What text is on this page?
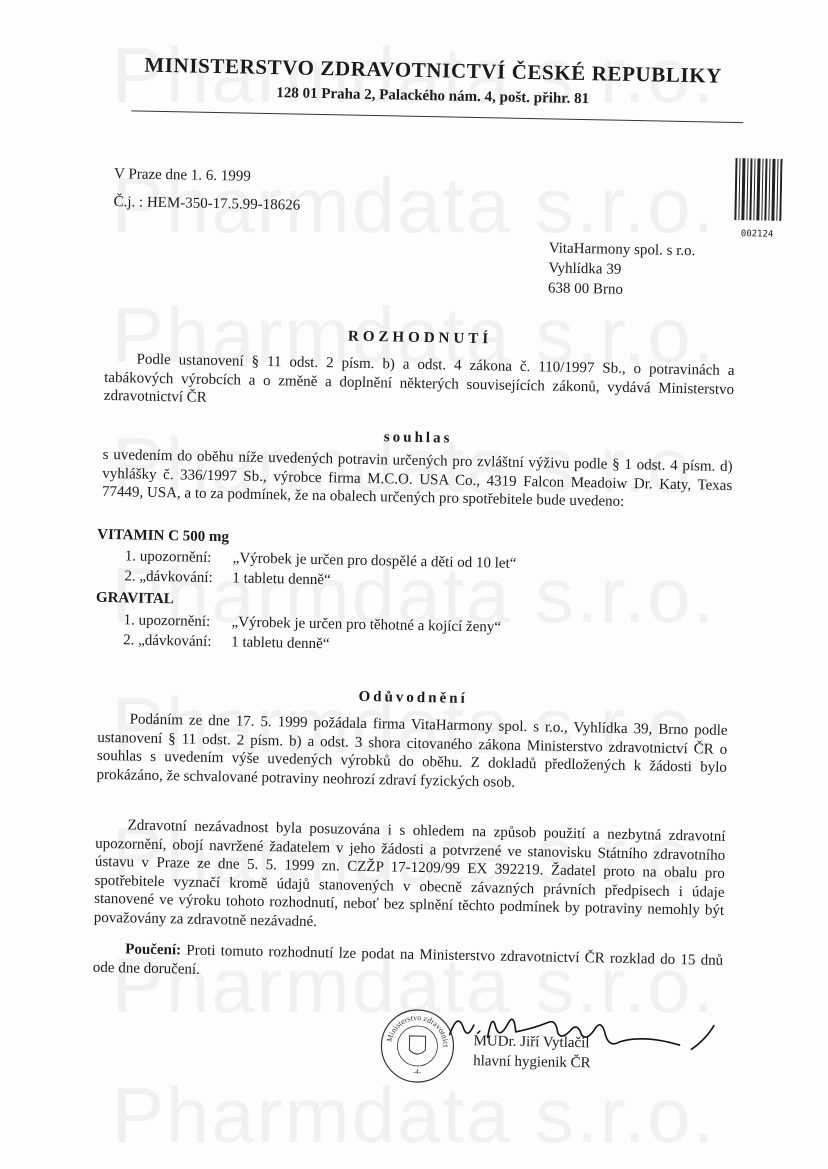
MINISTERSTVO ZDRAVOTNICTVÍ ČESKÉ REPUBLIKY
128 01 Praha 2, Palackého nám. 4, pošt. přihr. 81
V Praze dne 1. 6. 1999
Č.j. : HEM-350-17.5.99-18626
002124
VitaHarmony spol. s r.o.
Vyhlídka 39
638 00 Brno
ROZHODNUTÍ
Podle ustanovení § 11 odst. 2 písm. b) a odst. 4 zákona č. 110/1997 Sb., o potravinách a tabákových výrobcích a o změně a doplnění některých souvisejících zákonů, vydává Ministerstvo zdravotnictví ČR
souhlas
s uvedením do oběhu níže uvedených potravin určených pro zvláštní výživu podle § 1 odst. 4 písm. d) vyhlášky č. 336/1997 Sb., výrobce firma M.C.O. USA Co., 4319 Falcon Meadoiw Dr. Katy, Texas 77449, USA, a to za podmínek, že na obalech určených pro spotřebitele bude uvedeno:
VITAMIN C 500 mg
1. upozornění: „Výrobek je určen pro dospělé a děti od 10 let“
2. „dávkování: 1 tabletu denně“
GRAVITAL
1. upozornění: „Výrobek je určen pro těhotné a kojící ženy“
2. „dávkování: 1 tabletu denně“
Odůvodnění
Podáním ze dne 17. 5. 1999 požádala firma VitaHarmony spol. s r.o., Vyhlídka 39, Brno podle ustanovení § 11 odst. 2 písm. b) a odst. 3 shora citovaného zákona Ministerstvo zdravotnictví ČR o souhlas s uvedením výše uvedených výrobků do oběhu. Z dokladů předložených k žádosti bylo prokázáno, že schvalované potraviny neohrozí zdraví fyzických osob.
Zdravotní nezávadnost byla posuzována i s ohledem na způsob použití a nezbytná zdravotní upozornění, obojí navržené žadatelem v jeho žádosti a potvrzené ve stanovisku Státního zdravotního ústavu v Praze ze dne 5. 5. 1999 zn. CZŽP 17-1209/99 EX 392219. Žadatel proto na obalu pro spotřebitele vyznačí kromě údajů stanovených v obecně závazných právních předpisech i údaje stanovené ve výroku tohoto rozhodnutí, neboť bez splnění těchto podmínek by potraviny nemohly být považovány za zdravotně nezávadné.
Poučení: Proti tomuto rozhodnutí lze podat na Ministerstvo zdravotnictví ČR rozklad do 15 dnů ode dne doručení.
Ministerstvo zdravotnictví
-4-
MUDr. Jiří Vytlačil
hlavní hygienik ČR
